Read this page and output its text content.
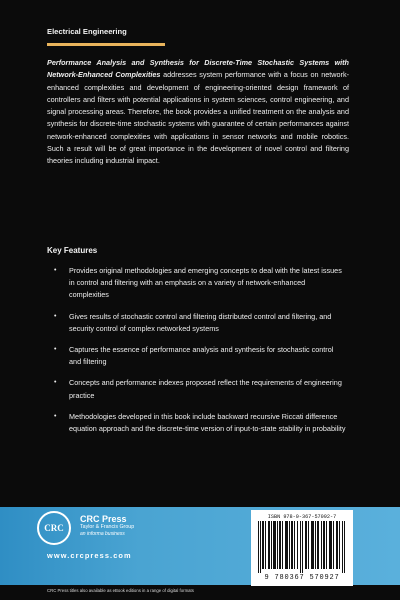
Electrical Engineering
Performance Analysis and Synthesis for Discrete-Time Stochastic Systems with Network-Enhanced Complexities addresses system performance with a focus on network-enhanced complexities and development of engineering-oriented design framework of controllers and filters with potential applications in system sciences, control engineering, and signal processing areas. Therefore, the book provides a unified treatment on the analysis and synthesis for discrete-time stochastic systems with guarantee of certain performances against network-enhanced complexities with applications in sensor networks and mobile robotics. Such a result will be of great importance in the development of novel control and filtering theories including industrial impact.
Key Features
• Provides original methodologies and emerging concepts to deal with the latest issues in control and filtering with an emphasis on a variety of network-enhanced complexities
• Gives results of stochastic control and filtering distributed control and filtering, and security control of complex networked systems
• Captures the essence of performance analysis and synthesis for stochastic control and filtering
• Concepts and performance indexes proposed reflect the requirements of engineering practice
• Methodologies developed in this book include backward recursive Riccati difference equation approach and the discrete-time version of input-to-state stability in probability
CRC
CRC Press
Taylor & Francis Group
an informa business
www.crcpress.com
ISBN 978-0-367-57092-7
9 780367 570927
CRC Press titles also available as eBook editions in a range of digital formats
